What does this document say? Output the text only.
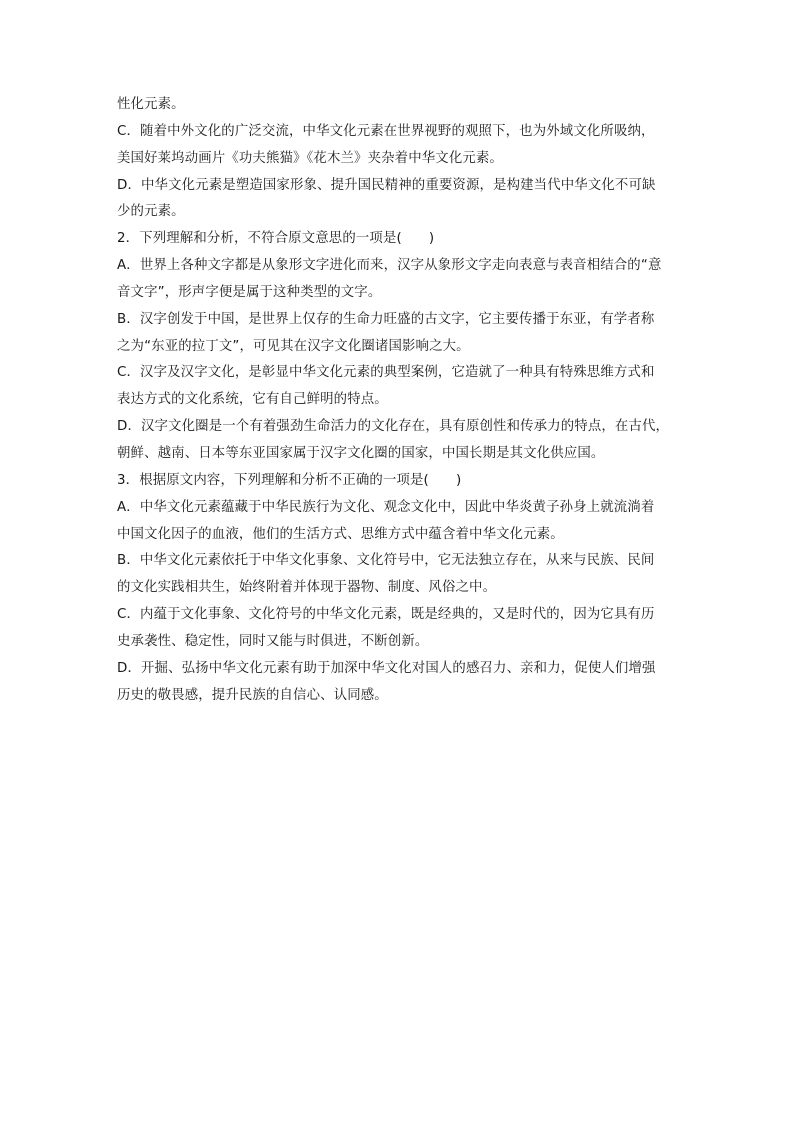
性化元素。
C．随着中外文化的广泛交流，中华文化元素在世界视野的观照下，也为外域文化所吸纳，
美国好莱坞动画片《功夫熊猫》《花木兰》夹杂着中华文化元素。
D．中华文化元素是塑造国家形象、提升国民精神的重要资源，是构建当代中华文化不可缺
少的元素。
2．下列理解和分析，不符合原文意思的一项是(　　)
A．世界上各种文字都是从象形文字进化而来，汉字从象形文字走向表意与表音相结合的“意
音文字”，形声字便是属于这种类型的文字。
B．汉字创发于中国，是世界上仅存的生命力旺盛的古文字，它主要传播于东亚，有学者称
之为“东亚的拉丁文”，可见其在汉字文化圈诸国影响之大。
C．汉字及汉字文化，是彰显中华文化元素的典型案例，它造就了一种具有特殊思维方式和
表达方式的文化系统，它有自己鲜明的特点。
D．汉字文化圈是一个有着强劲生命活力的文化存在，具有原创性和传承力的特点，在古代，
朝鲜、越南、日本等东亚国家属于汉字文化圈的国家，中国长期是其文化供应国。
3．根据原文内容，下列理解和分析不正确的一项是(　　)
A．中华文化元素蕴藏于中华民族行为文化、观念文化中，因此中华炎黄子孙身上就流淌着
中国文化因子的血液，他们的生活方式、思维方式中蕴含着中华文化元素。
B．中华文化元素依托于中华文化事象、文化符号中，它无法独立存在，从来与民族、民间
的文化实践相共生，始终附着并体现于器物、制度、风俗之中。
C．内蕴于文化事象、文化符号的中华文化元素，既是经典的，又是时代的，因为它具有历
史承袭性、稳定性，同时又能与时俱进，不断创新。
D．开掘、弘扬中华文化元素有助于加深中华文化对国人的感召力、亲和力，促使人们增强
历史的敬畏感，提升民族的自信心、认同感。
